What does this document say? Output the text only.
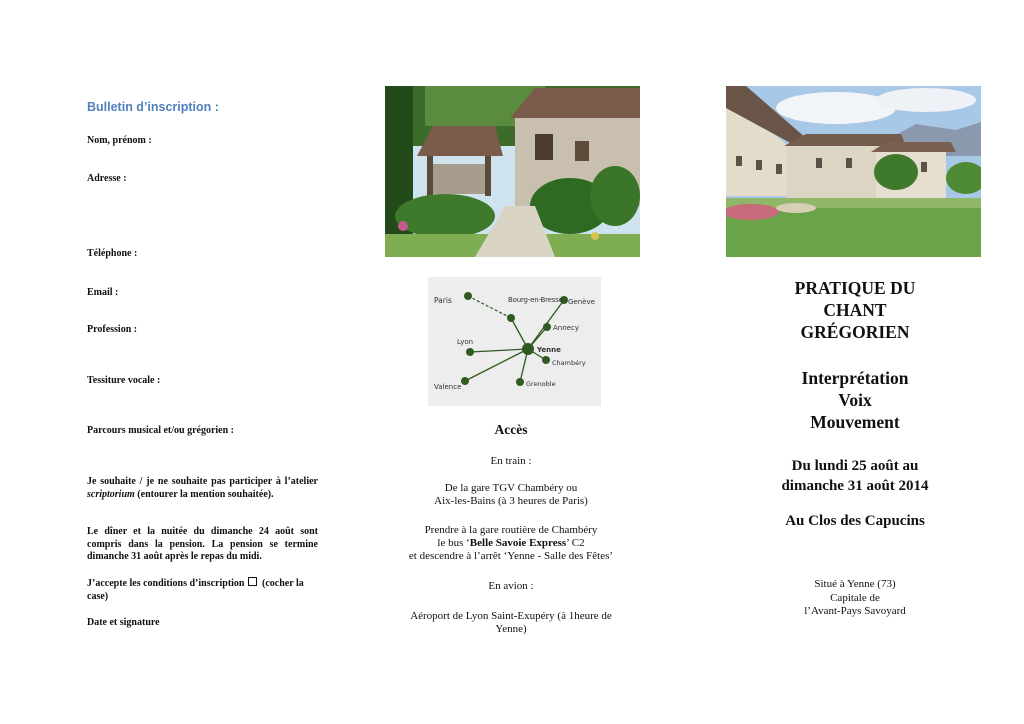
Bulletin d’inscription :
Nom, prénom :
Adresse :
Téléphone :
Email :
Profession :
Tessiture vocale :
Parcours musical et/ou grégorien :
Je souhaite / je ne souhaite pas participer à l’atelier scriptorium (entourer la mention souhaitée).
Le dîner et la nuitée du dimanche 24 août sont compris dans la pension. La pension se termine dimanche 31 août après le repas du midi.
J’accepte les conditions d’inscription (cocher la case)
Date et signature
Paris	Bourg-en-Bresse Genève
Annecy
Lyon
Yenne
Chambéry
Valence	Grenoble
Accès
En train :
De la gare TGV Chambéry ou
Aix-les-Bains (à 3 heures de Paris)
Prendre à la gare routière de Chambéry
le bus ‘Belle Savoie Express’ C2
et descendre à l’arrêt ‘Yenne - Salle des Fêtes’
En avion :
Aéroport de Lyon Saint-Exupéry (à 1heure de
Yenne)
PRATIQUE DU
CHANT
GRÉGORIEN
Interprétation
Voix
Mouvement
Du lundi 25 août au
dimanche 31 août 2014
Au Clos des Capucins
Situé à Yenne (73)
Capitale de
l’Avant-Pays Savoyard
